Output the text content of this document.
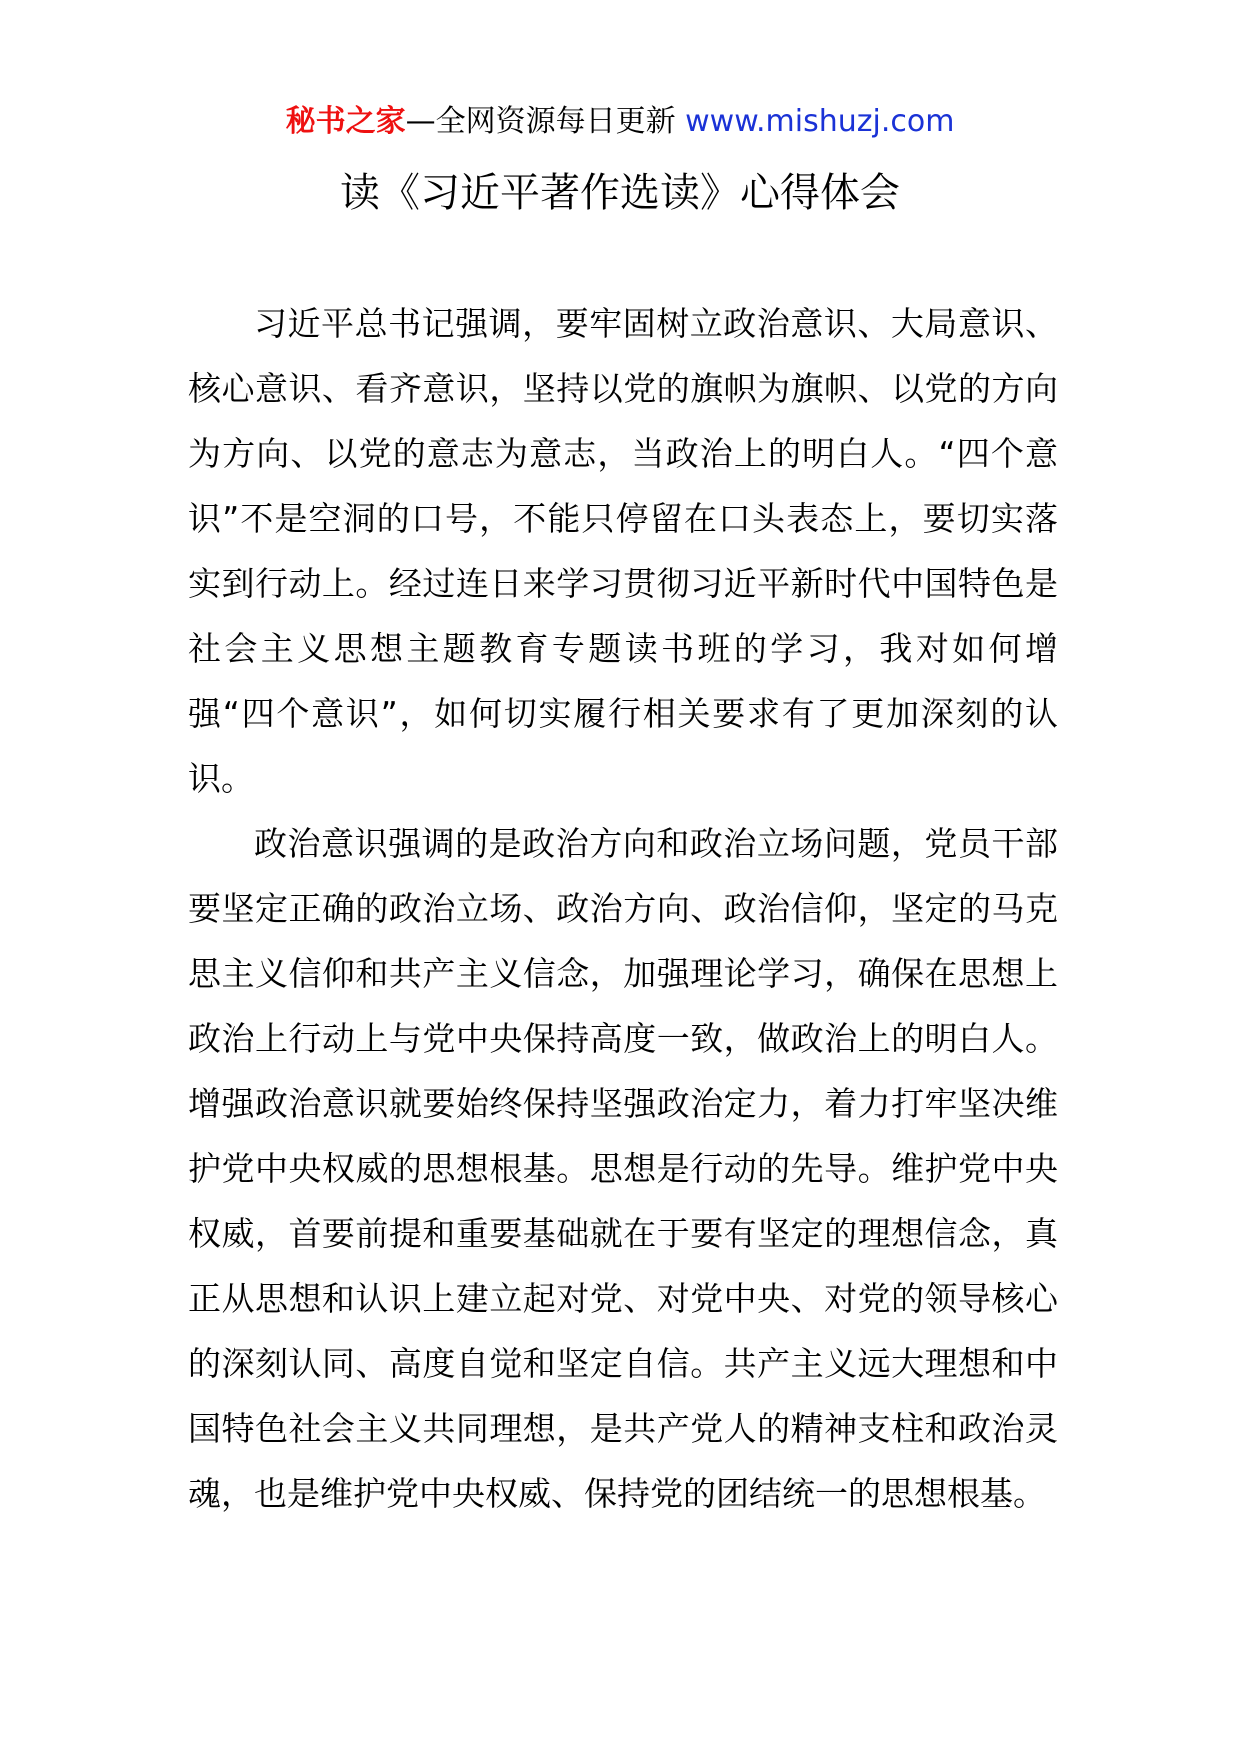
秘书之家—全网资源每日更新 www.mishuzj.com
读《习近平著作选读》心得体会

习近平总书记强调，要牢固树立政治意识、大局意识、核心意识、看齐意识，坚持以党的旗帜为旗帜、以党的方向为方向、以党的意志为意志，当政治上的明白人。“四个意识”不是空洞的口号，不能只停留在口头表态上，要切实落实到行动上。经过连日来学习贯彻习近平新时代中国特色是社会主义思想主题教育专题读书班的学习，我对如何增强“四个意识”，如何切实履行相关要求有了更加深刻的认识。

政治意识强调的是政治方向和政治立场问题，党员干部要坚定正确的政治立场、政治方向、政治信仰，坚定的马克思主义信仰和共产主义信念，加强理论学习，确保在思想上政治上行动上与党中央保持高度一致，做政治上的明白人。增强政治意识就要始终保持坚强政治定力，着力打牢坚决维护党中央权威的思想根基。思想是行动的先导。维护党中央权威，首要前提和重要基础就在于要有坚定的理想信念，真正从思想和认识上建立起对党、对党中央、对党的领导核心的深刻认同、高度自觉和坚定自信。共产主义远大理想和中国特色社会主义共同理想，是共产党人的精神支柱和政治灵魂，也是维护党中央权威、保持党的团结统一的思想根基。
